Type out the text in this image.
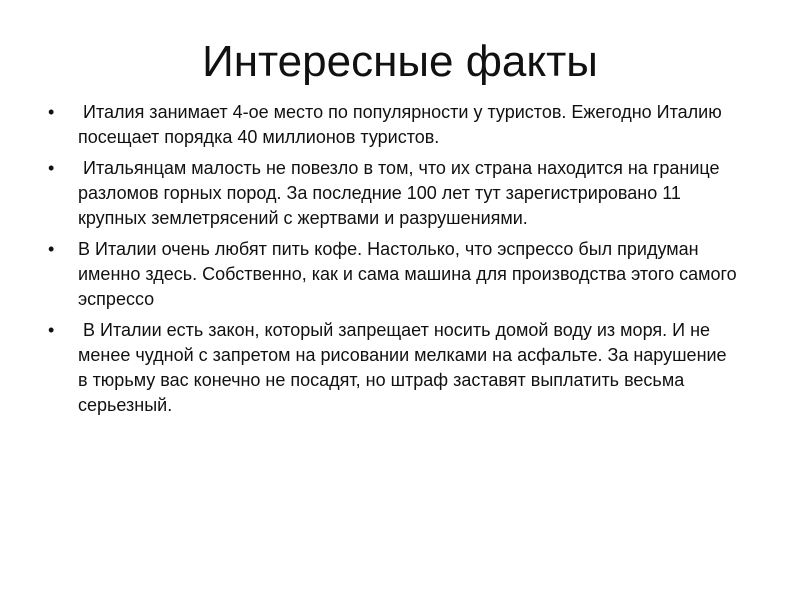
Интересные факты
• Италия занимает 4-ое место по популярности у туристов. Ежегодно Италию посещает порядка 40 миллионов туристов.
• Итальянцам малость не повезло в том, что их страна находится на границе разломов горных пород. За последние 100 лет тут зарегистрировано 11 крупных землетрясений с жертвами и разрушениями.
• В Италии очень любят пить кофе. Настолько, что эспрессо был придуман именно здесь. Собственно, как и сама машина для производства этого самого эспрессо
• В Италии есть закон, который запрещает носить домой воду из моря. И не менее чудной с запретом на рисовании мелками на асфальте. За нарушение в тюрьму вас конечно не посадят, но штраф заставят выплатить весьма серьезный.
